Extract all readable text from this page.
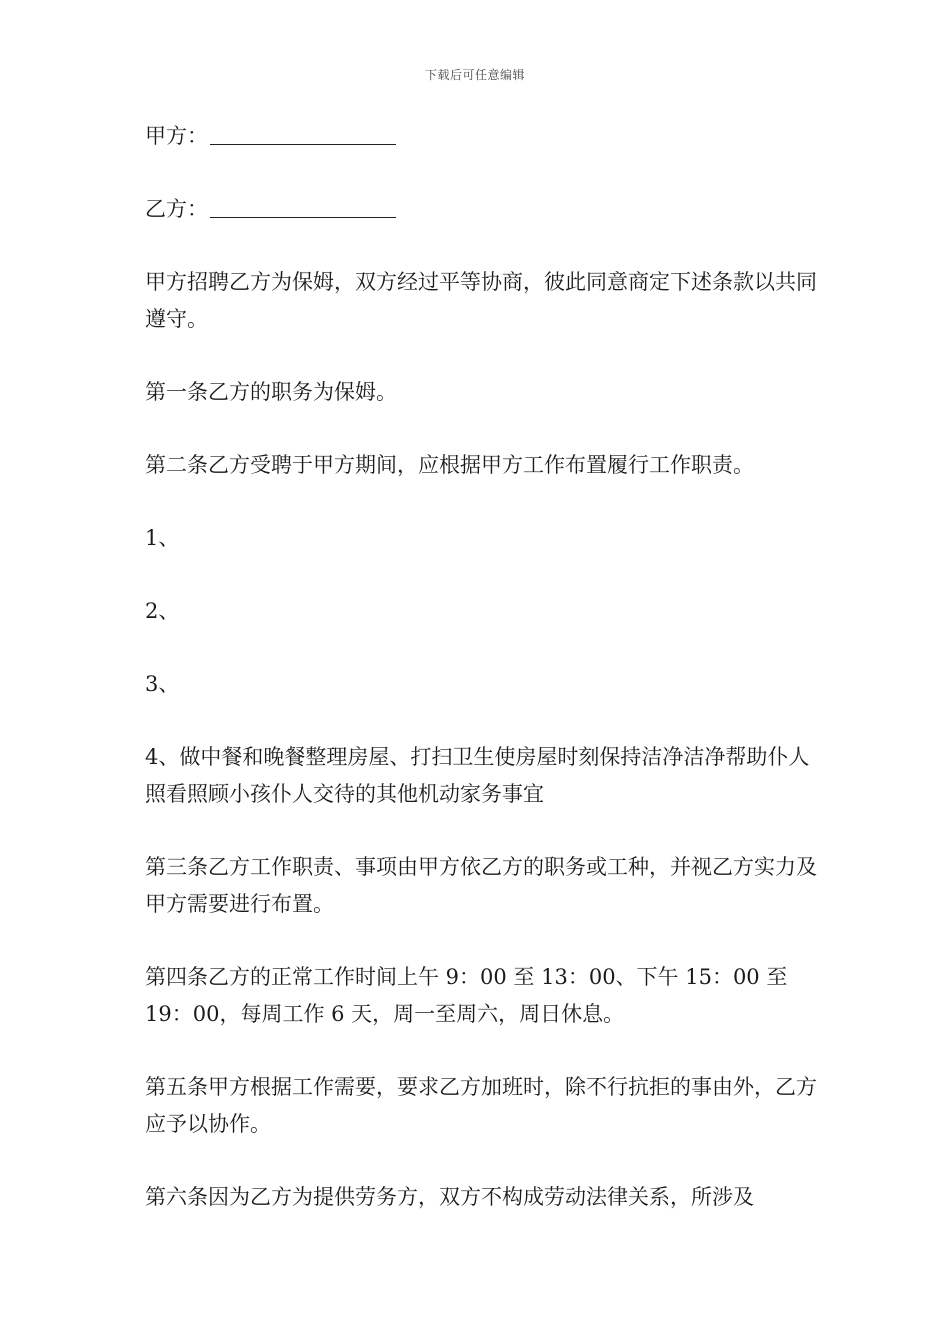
下载后可任意编辑
甲方：
乙方：

甲方招聘乙方为保姆，双方经过平等协商，彼此同意商定下述条款以共同遵守。

第一条乙方的职务为保姆。

第二条乙方受聘于甲方期间，应根据甲方工作布置履行工作职责。

1、

2、

3、

4、做中餐和晚餐整理房屋、打扫卫生使房屋时刻保持洁净洁净帮助仆人照看照顾小孩仆人交待的其他机动家务事宜

第三条乙方工作职责、事项由甲方依乙方的职务或工种，并视乙方实力及甲方需要进行布置。

第四条乙方的正常工作时间上午 9：00 至 13：00、下午 15：00 至 19：00，每周工作 6 天，周一至周六，周日休息。

第五条甲方根据工作需要，要求乙方加班时，除不行抗拒的事由外，乙方应予以协作。

第六条因为乙方为提供劳务方，双方不构成劳动法律关系，所涉及
